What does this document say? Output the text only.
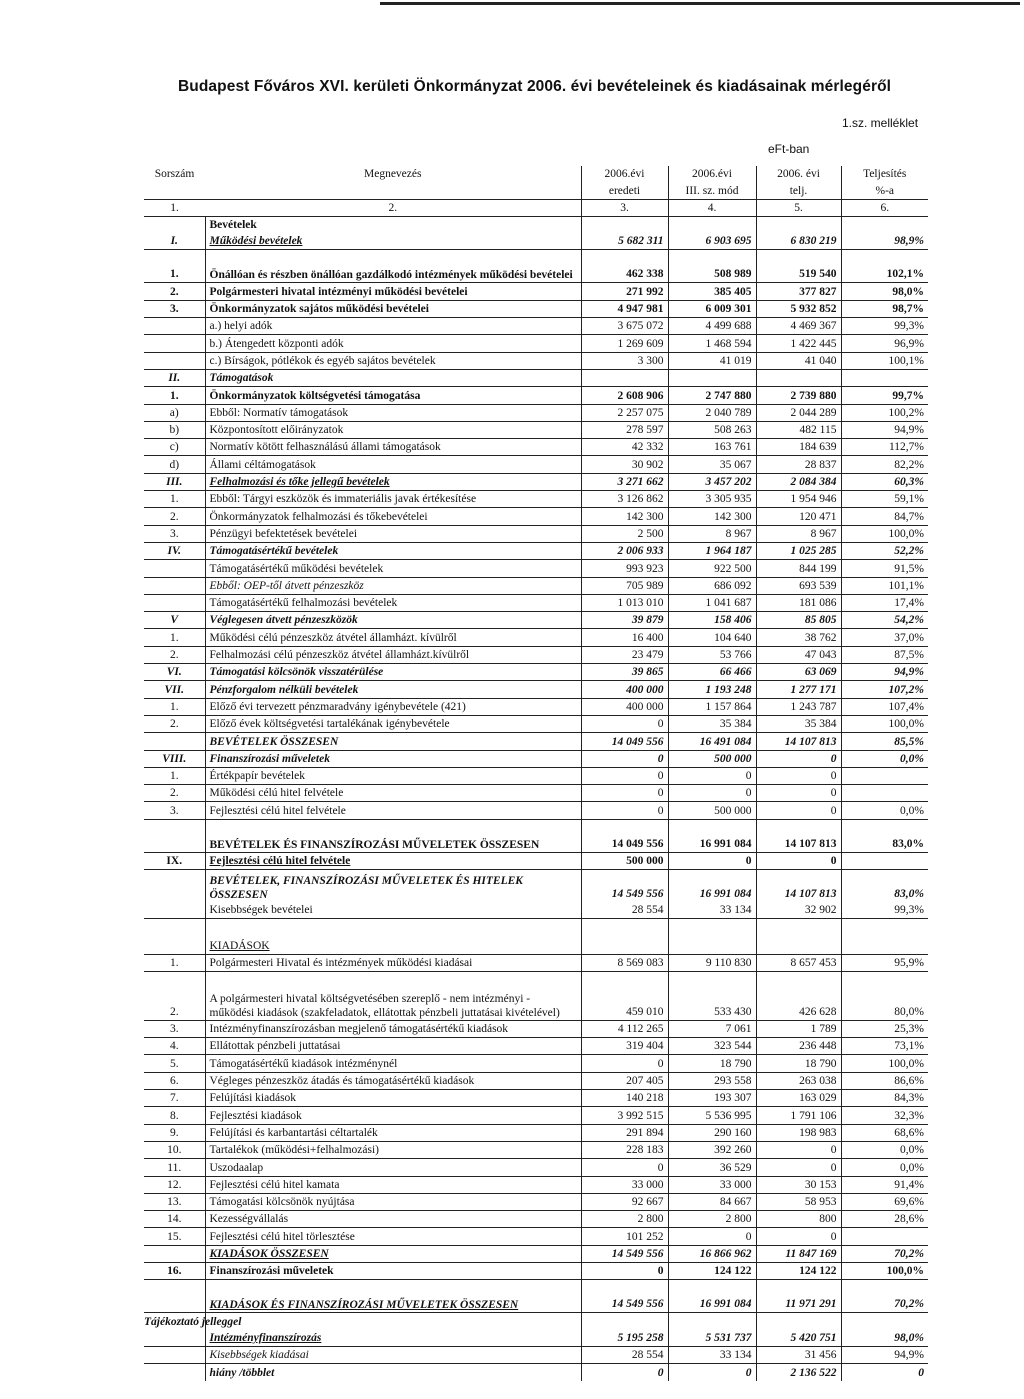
Budapest Főváros XVI. kerületi Önkormányzat 2006. évi bevételeinek és kiadásainak mérlegéről
1.sz. melléklet
eFt-ban
Sorszám	Megnevezés	2006.évi	2006.évi	2006. évi	Teljesítés
		eredeti	III. sz. mód	telj.	%-a
1.	2.	3.	4.	5.	6.
	Bevételek				
I.	Működési bevételek	5 682 311	6 903 695	6 830 219	98,9%
1.	Önállóan és részben önállóan gazdálkodó intézmények működési bevételei	462 338	508 989	519 540	102,1%
2.	Polgármesteri hivatal intézményi működési bevételei	271 992	385 405	377 827	98,0%
3.	Önkormányzatok sajátos működési bevételei	4 947 981	6 009 301	5 932 852	98,7%
	a.) helyi adók	3 675 072	4 499 688	4 469 367	99,3%
	b.) Átengedett központi adók	1 269 609	1 468 594	1 422 445	96,9%
	c.) Bírságok, pótlékok és egyéb sajátos bevételek	3 300	41 019	41 040	100,1%
II.	Támogatások				
1.	Önkormányzatok költségvetési támogatása	2 608 906	2 747 880	2 739 880	99,7%
a)	Ebből: Normatív támogatások	2 257 075	2 040 789	2 044 289	100,2%
b)	Központosított előirányzatok	278 597	508 263	482 115	94,9%
c)	Normatív kötött felhasználású állami támogatások	42 332	163 761	184 639	112,7%
d)	Állami céltámogatások	30 902	35 067	28 837	82,2%
III.	Felhalmozási és tőke jellegű bevételek	3 271 662	3 457 202	2 084 384	60,3%
1.	Ebből: Tárgyi eszközök és immateriális javak értékesítése	3 126 862	3 305 935	1 954 946	59,1%
2.	Önkormányzatok felhalmozási és tőkebevételei	142 300	142 300	120 471	84,7%
3.	Pénzügyi befektetések bevételei	2 500	8 967	8 967	100,0%
IV.	Támogatásértékű bevételek	2 006 933	1 964 187	1 025 285	52,2%
	Támogatásértékű működési bevételek	993 923	922 500	844 199	91,5%
	Ebből: OEP-től átvett pénzeszköz	705 989	686 092	693 539	101,1%
	Támogatásértékű felhalmozási bevételek	1 013 010	1 041 687	181 086	17,4%
V	Véglegesen átvett pénzeszközök	39 879	158 406	85 805	54,2%
1.	Működési célú pénzeszköz átvétel államházt. kívülről	16 400	104 640	38 762	37,0%
2.	Felhalmozási célú pénzeszköz átvétel államházt.kívülről	23 479	53 766	47 043	87,5%
VI.	Támogatási kölcsönök visszatérülése	39 865	66 466	63 069	94,9%
VII.	Pénzforgalom nélküli bevételek	400 000	1 193 248	1 277 171	107,2%
1.	Előző évi tervezett pénzmaradvány igénybevétele (421)	400 000	1 157 864	1 243 787	107,4%
2.	Előző évek költségvetési tartalékának igénybevétele	0	35 384	35 384	100,0%
	BEVÉTELEK ÖSSZESEN	14 049 556	16 491 084	14 107 813	85,5%
VIII.	Finanszírozási műveletek	0	500 000	0	0,0%
1.	Értékpapír bevételek	0	0	0	
2.	Működési célú hitel felvétele	0	0	0	
3.	Fejlesztési célú hitel felvétele	0	500 000	0	0,0%
	BEVÉTELEK ÉS FINANSZÍROZÁSI MŰVELETEK ÖSSZESEN	14 049 556	16 991 084	14 107 813	83,0%
IX.	Fejlesztési célú hitel felvétele	500 000	0	0	
	BEVÉTELEK, FINANSZÍROZÁSI MŰVELETEK ÉS HITELEK ÖSSZESEN	14 549 556	16 991 084	14 107 813	83,0%
	Kisebbségek bevételei	28 554	33 134	32 902	99,3%

	KIADÁSOK				
1.	Polgármesteri Hivatal és intézmények működési kiadásai	8 569 083	9 110 830	8 657 453	95,9%
2.	A polgármesteri hivatal költségvetésében szereplő - nem intézményi - működési kiadások (szakfeladatok, ellátottak pénzbeli juttatásai kivételével)	459 010	533 430	426 628	80,0%
3.	Intézményfinanszírozásban megjelenő támogatásértékű kiadások	4 112 265	7 061	1 789	25,3%
4.	Ellátottak pénzbeli juttatásai	319 404	323 544	236 448	73,1%
5.	Támogatásértékű kiadások intézménynél	0	18 790	18 790	100,0%
6.	Végleges pénzeszköz átadás és támogatásértékű kiadások	207 405	293 558	263 038	86,6%
7.	Felújítási kiadások	140 218	193 307	163 029	84,3%
8.	Fejlesztési kiadások	3 992 515	5 536 995	1 791 106	32,3%
9.	Felújítási és karbantartási céltartalék	291 894	290 160	198 983	68,6%
10.	Tartalékok (működési+felhalmozási)	228 183	392 260	0	0,0%
11.	Uszodaalap	0	36 529	0	0,0%
12.	Fejlesztési célú hitel kamata	33 000	33 000	30 153	91,4%
13.	Támogatási kölcsönök nyújtása	92 667	84 667	58 953	69,6%
14.	Kezességvállalás	2 800	2 800	800	28,6%
15.	Fejlesztési célú hitel törlesztése	101 252	0	0	
	KIADÁSOK ÖSSZESEN	14 549 556	16 866 962	11 847 169	70,2%
16.	Finanszírozási műveletek	0	124 122	124 122	100,0%
	KIADÁSOK ÉS FINANSZÍROZÁSI MŰVELETEK ÖSSZESEN	14 549 556	16 991 084	11 971 291	70,2%
Tájékoztató jelleggel					
	Intézményfinanszírozás	5 195 258	5 531 737	5 420 751	98,0%
	Kisebbségek kiadásai	28 554	33 134	31 456	94,9%
	hiány /többlet	0	0	2 136 522	0
